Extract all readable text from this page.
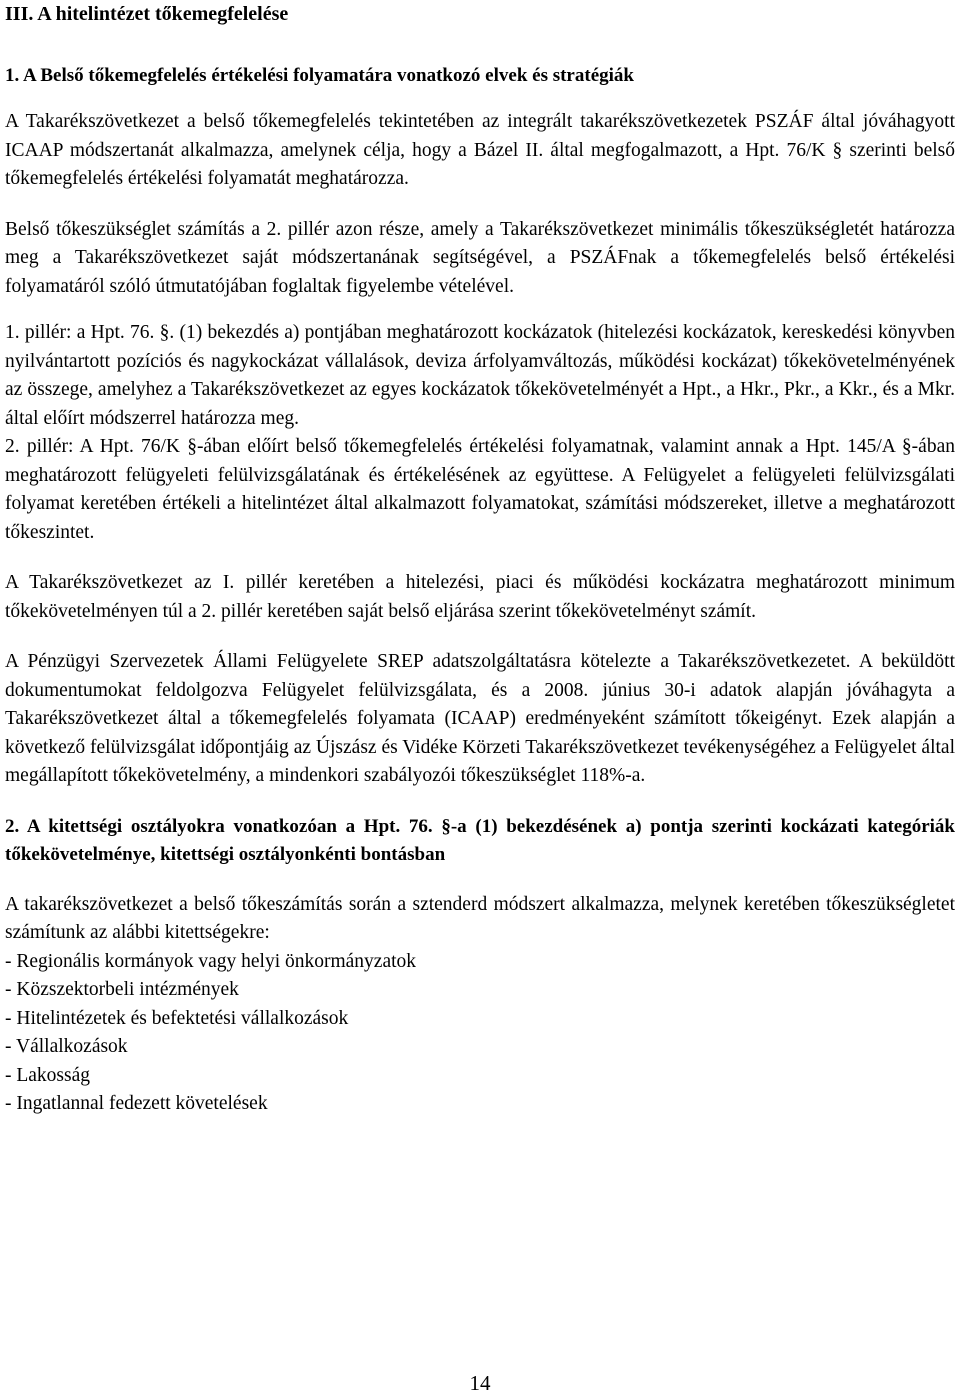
III. A hitelintézet tőkemegfelelése
1. A Belső tőkemegfelelés értékelési folyamatára vonatkozó elvek és stratégiák

A Takarékszövetkezet a belső tőkemegfelelés tekintetében az integrált takarékszövetkezetek PSZÁF által jóváhagyott ICAAP módszertanát alkalmazza, amelynek célja, hogy a Bázel II. által megfogalmazott, a Hpt. 76/K § szerinti belső tőkemegfelelés értékelési folyamatát meghatározza.

Belső tőkeszükséglet számítás a 2. pillér azon része, amely a Takarékszövetkezet minimális tőkeszükségletét határozza meg a Takarékszövetkezet saját módszertanának segítségével, a PSZÁFnak a tőkemegfelelés belső értékelési folyamatáról szóló útmutatójában foglaltak figyelembe vételével.

1. pillér: a Hpt. 76. §. (1) bekezdés a) pontjában meghatározott kockázatok (hitelezési kockázatok, kereskedési könyvben nyilvántartott pozíciós és nagykockázat vállalások, deviza árfolyamváltozás, működési kockázat) tőkekövetelményének az összege, amelyhez a Takarékszövetkezet az egyes kockázatok tőkekövetelményét a Hpt., a Hkr., Pkr., a Kkr., és a Mkr. által előírt módszerrel határozza meg.

2. pillér: A Hpt. 76/K §-ában előírt belső tőkemegfelelés értékelési folyamatnak, valamint annak a Hpt. 145/A §-ában meghatározott felügyeleti felülvizsgálatának és értékelésének az együttese. A Felügyelet a felügyeleti felülvizsgálati folyamat keretében értékeli a hitelintézet által alkalmazott folyamatokat, számítási módszereket, illetve a meghatározott tőkeszintet.

A Takarékszövetkezet az I. pillér keretében a hitelezési, piaci és működési kockázatra meghatározott minimum tőkekövetelményen túl a 2. pillér keretében saját belső eljárása szerint tőkekövetelményt számít.

A Pénzügyi Szervezetek Állami Felügyelete SREP adatszolgáltatásra kötelezte a Takarékszövetkezetet. A beküldött dokumentumokat feldolgozva Felügyelet felülvizsgálata, és a 2008. június 30-i adatok alapján jóváhagyta a Takarékszövetkezet által a tőkemegfelelés folyamata (ICAAP) eredményeként számított tőkeigényt. Ezek alapján a következő felülvizsgálat időpontjáig az Újszász és Vidéke Körzeti Takarékszövetkezet tevékenységéhez a Felügyelet által megállapított tőkekövetelmény, a mindenkori szabályozói tőkeszükséglet 118%-a.

2. A kitettségi osztályokra vonatkozóan a Hpt. 76. §-a (1) bekezdésének a) pontja szerinti kockázati kategóriák tőkekövetelménye, kitettségi osztályonkénti bontásban

A takarékszövetkezet a belső tőkeszámítás során a sztenderd módszert alkalmazza, melynek keretében tőkeszükségletet számítunk az alábbi kitettségekre:

- Regionális kormányok vagy helyi önkormányzatok
- Közszektorbeli intézmények
- Hitelintézetek és befektetési vállalkozások
- Vállalkozások
- Lakosság
- Ingatlannal fedezett követelések
14
